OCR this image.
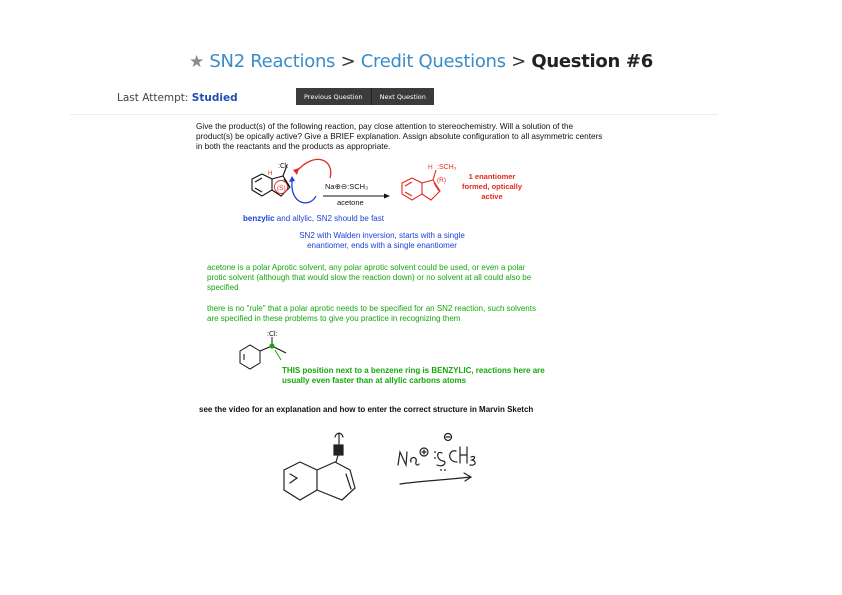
★ SN2 Reactions > Credit Questions > Question #6
Last Attempt: Studied	Previous Question	Next Question
Give the product(s) of the following reaction, pay close attention to stereochemistry. Will a solution of the product(s) be opically active? Give a BRIEF explanation. Assign absolute configuration to all asymmetric centers in both the reactants and the products as appropriate.
:Cl:
H
(S)	Na⊕⊖:SCH₃
acetone
H :SCH₃
(R)	1 enantiomer
formed, optically
active
:Cl:
benzylic and allylic, SN2 should be fast
SN2 with Walden inversion, starts with a single
enantiomer, ends with a single enantiomer
acetone is a polar Aprotic solvent, any polar aprotic solvent could be used, or even a polar
protic solvent (although that would slow the reaction down) or no solvent at all could also be
specified
there is no "rule" that a polar aprotic needs to be specified for an SN2 reaction, such solvents
are specified in these problems to give you practice in recognizing them
THIS position next to a benzene ring is BENZYLIC, reactions here are
usually even faster than at allylic carbons atoms
see the video for an explanation and how to enter the correct structure in Marvin Sketch
